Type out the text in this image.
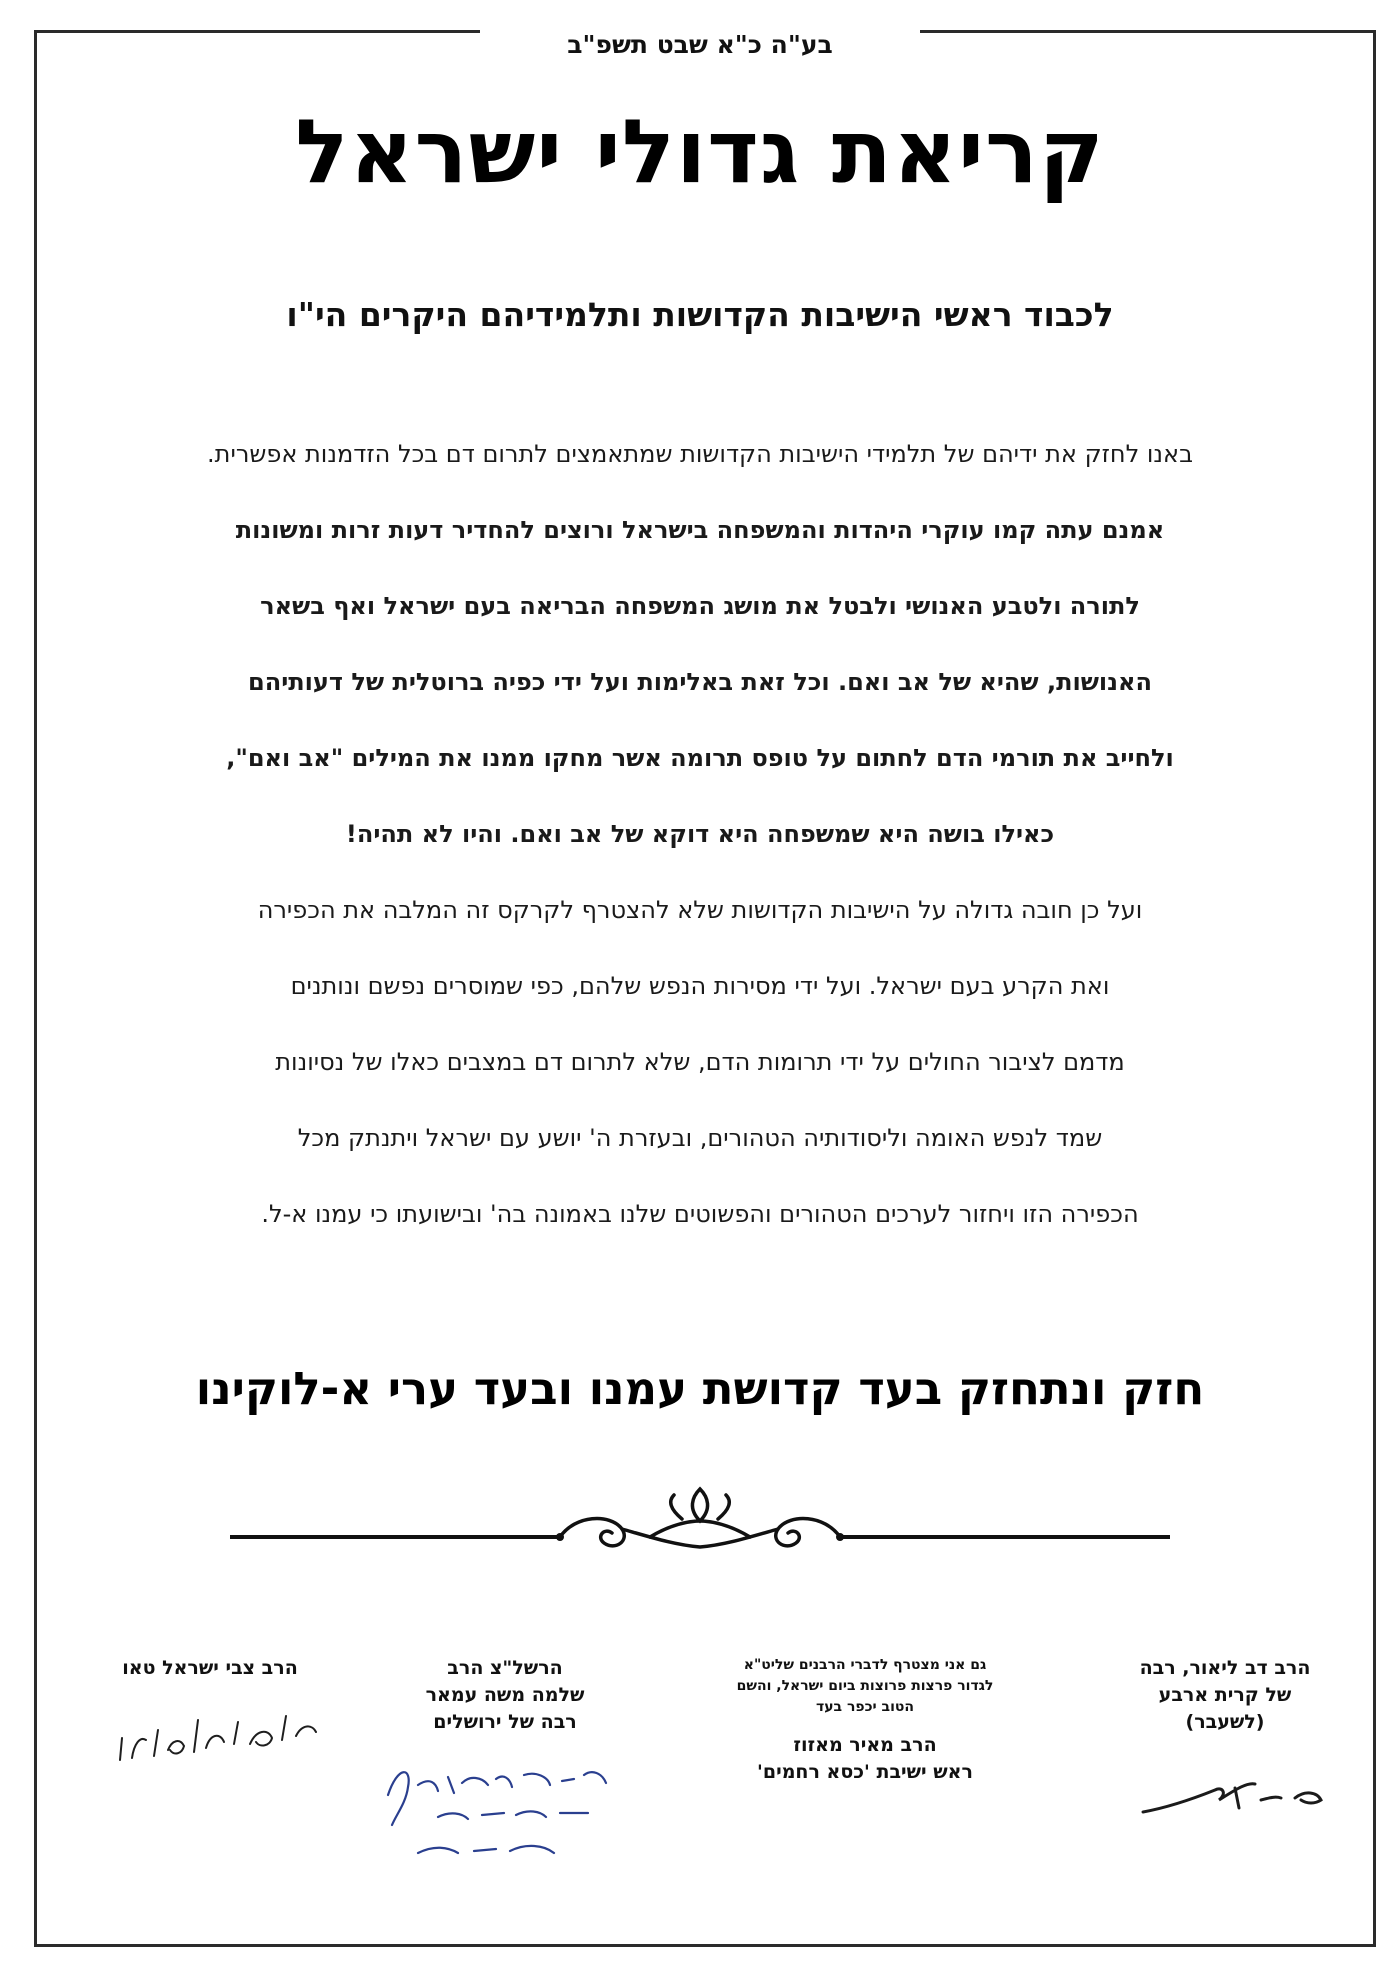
בע"ה כ"א שבט תשפ"ב
קריאת גדולי ישראל
לכבוד ראשי הישיבות הקדושות ותלמידיהם היקרים הי"ו
באנו לחזק את ידיהם של תלמידי הישיבות הקדושות שמתאמצים לתרום דם בכל הזדמנות אפשרית.
אמנם עתה קמו עוקרי היהדות והמשפחה בישראל ורוצים להחדיר דעות זרות ומשונות
לתורה ולטבע האנושי ולבטל את מושג המשפחה הבריאה בעם ישראל ואף בשאר
האנושות, שהיא של אב ואם. וכל זאת באלימות ועל ידי כפיה ברוטלית של דעותיהם
ולחייב את תורמי הדם לחתום על טופס תרומה אשר מחקו ממנו את המילים "אב ואם",
כאילו בושה היא שמשפחה היא דוקא של אב ואם. והיו לא תהיה!
ועל כן חובה גדולה על הישיבות הקדושות שלא להצטרף לקרקס זה המלבה את הכפירה
ואת הקרע בעם ישראל. ועל ידי מסירות הנפש שלהם, כפי שמוסרים נפשם ונותנים
מדמם לציבור החולים על ידי תרומות הדם, שלא לתרום דם במצבים כאלו של נסיונות
שמד לנפש האומה וליסודותיה הטהורים, ובעזרת ה' יושע עם ישראל ויתנתק מכל
הכפירה הזו ויחזור לערכים הטהורים והפשוטים שלנו באמונה בה' ובישועתו כי עמנו א-ל.
חזק ונתחזק בעד קדושת עמנו ובעד ערי א-לוקינו
הרב דב ליאור, רבה
של קרית ארבע
(לשעבר)
גם אני מצטרף לדברי הרבנים שליט"א
לגדור פרצות פרוצות ביום ישראל, והשם
הטוב יכפר בעד
הרב מאיר מאזוז
ראש ישיבת 'כסא רחמים'
הרשל"צ הרב
שלמה משה עמאר
רבה של ירושלים
הרב צבי ישראל טאו
